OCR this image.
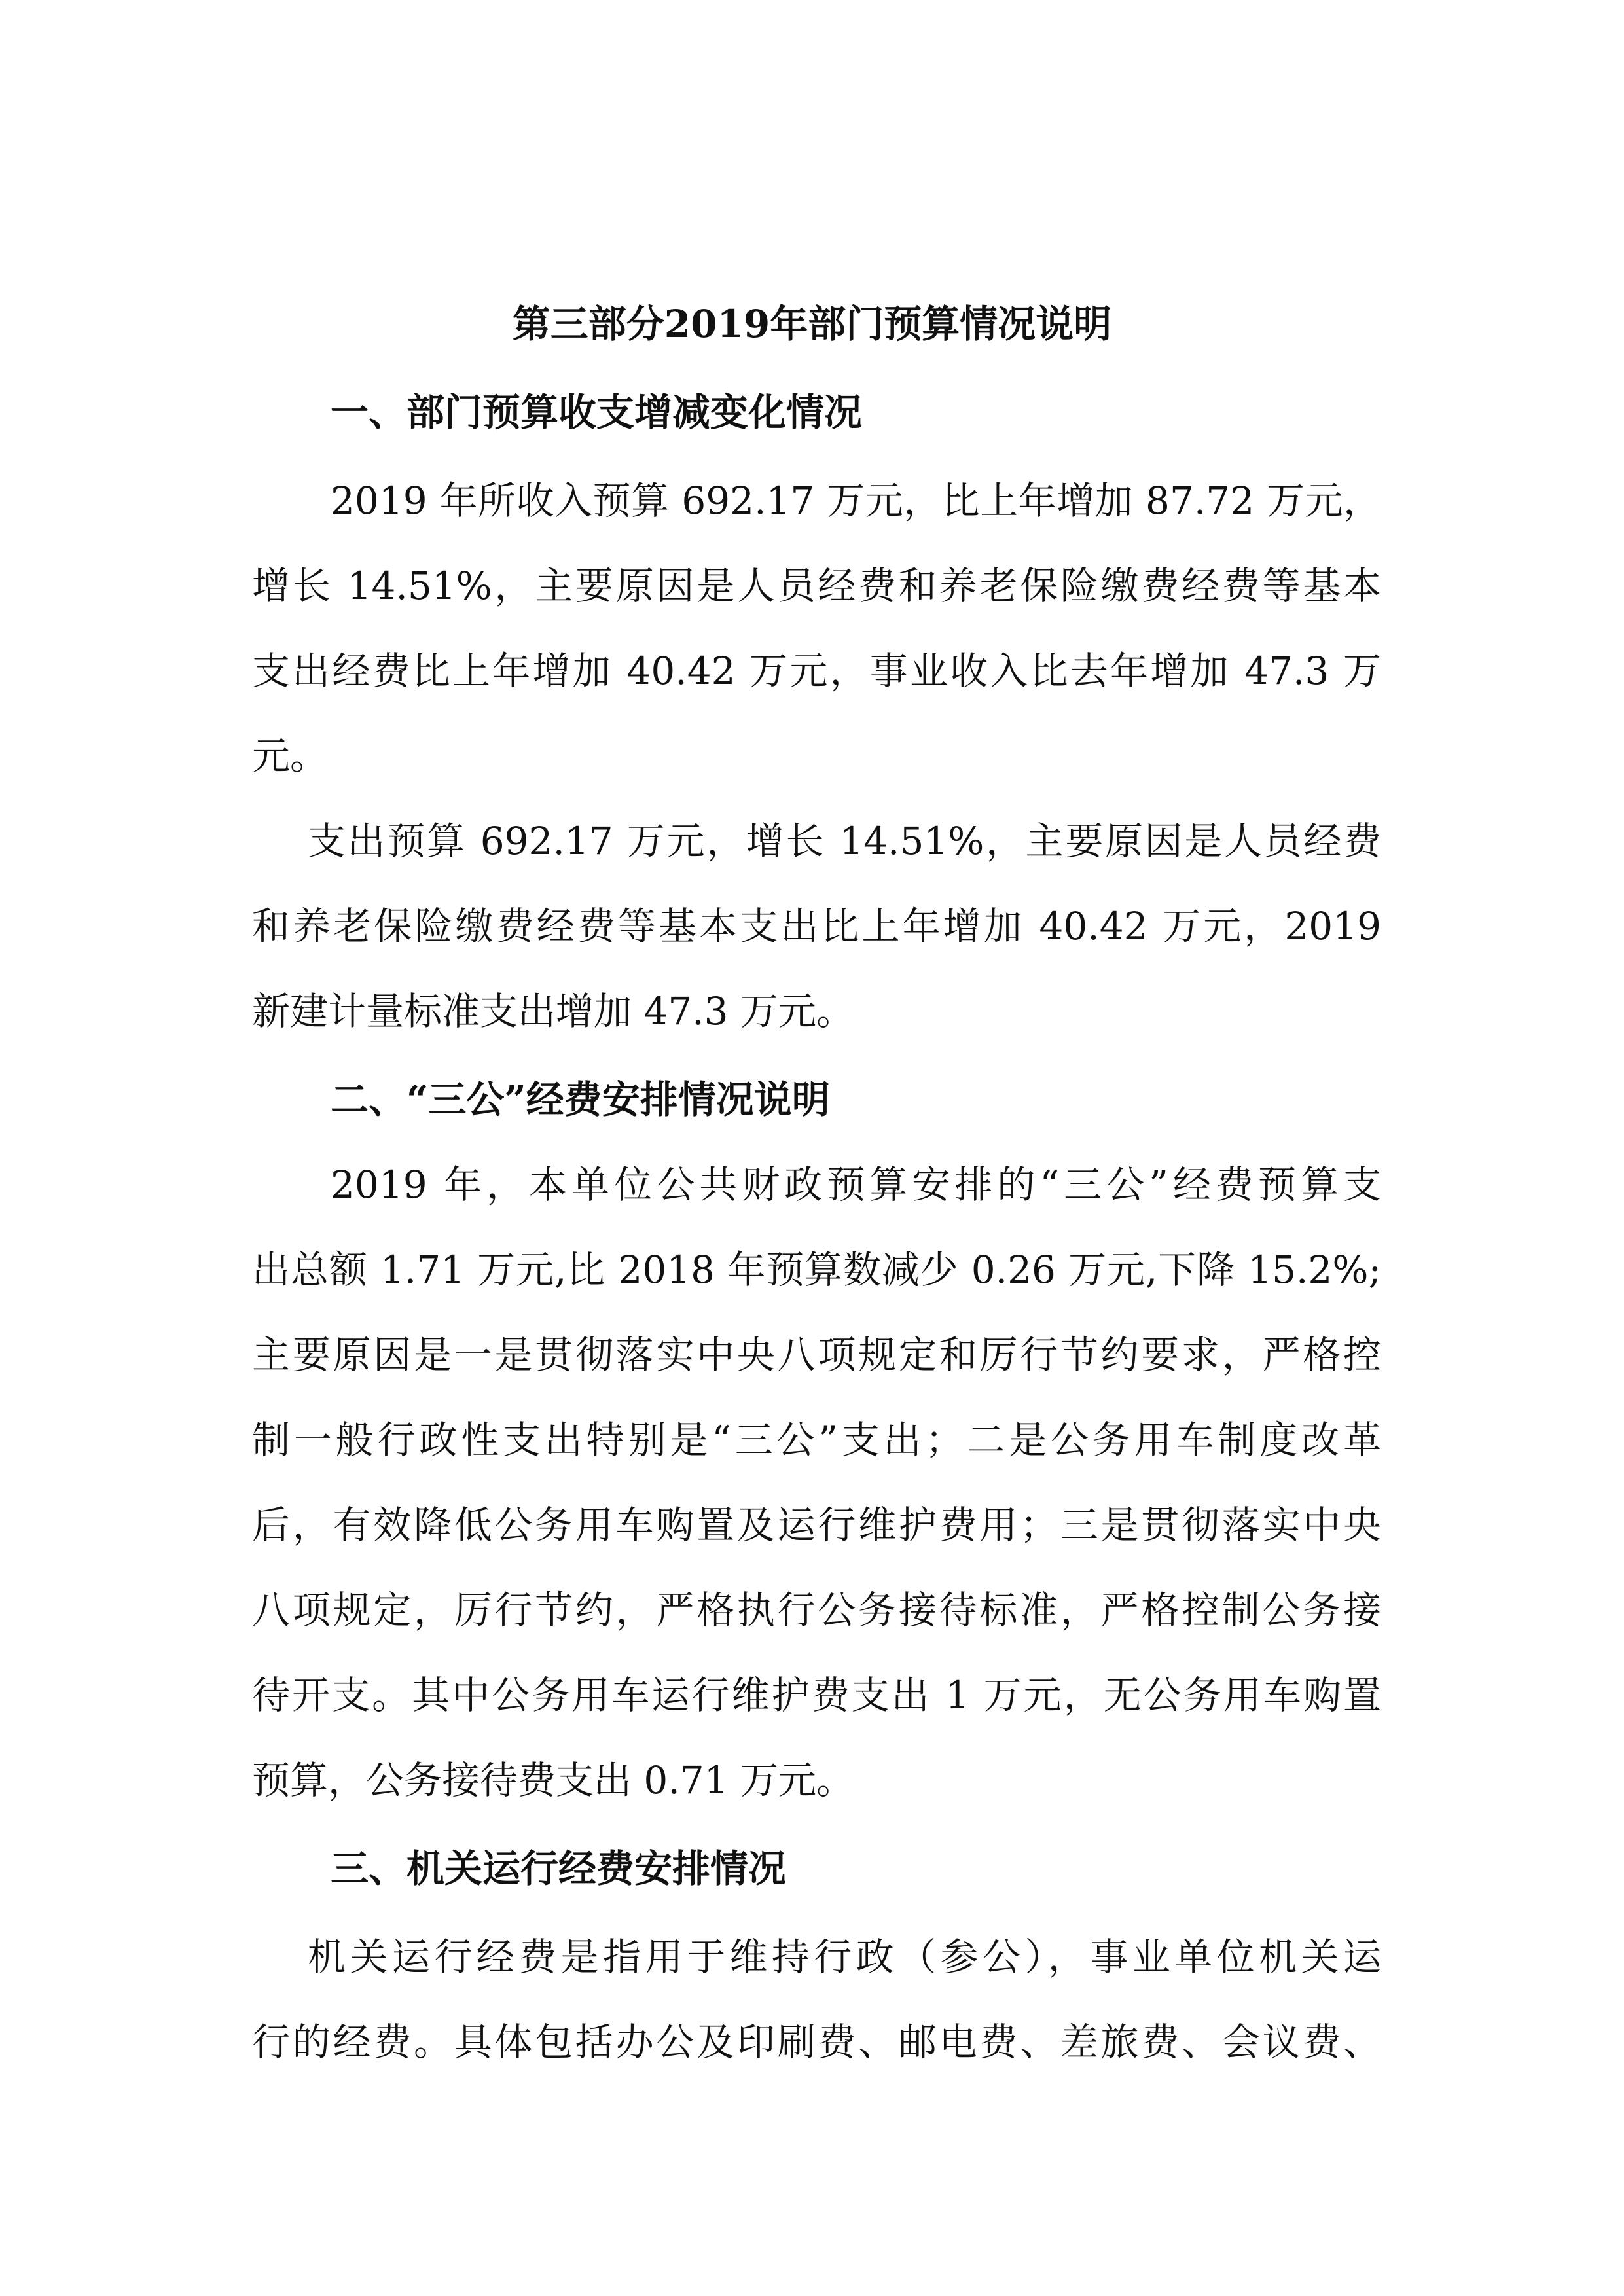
第三部分2019年部门预算情况说明
一、部门预算收支增减变化情况
2019 年所收入预算 692.17 万元，比上年增加 87.72 万元，
增长 14.51%，主要原因是人员经费和养老保险缴费经费等基本
支出经费比上年增加 40.42 万元，事业收入比去年增加 47.3 万
元。
支出预算 692.17 万元，增长 14.51%，主要原因是人员经费
和养老保险缴费经费等基本支出比上年增加 40.42 万元，2019
新建计量标准支出增加 47.3 万元。
二、“三公”经费安排情况说明
2019 年，本单位公共财政预算安排的“三公”经费预算支
出总额 1.71 万元,比 2018 年预算数减少 0.26 万元,下降 15.2%;
主要原因是一是贯彻落实中央八项规定和厉行节约要求，严格控
制一般行政性支出特别是“三公”支出；二是公务用车制度改革
后，有效降低公务用车购置及运行维护费用；三是贯彻落实中央
八项规定，厉行节约，严格执行公务接待标准，严格控制公务接
待开支。其中公务用车运行维护费支出 1 万元，无公务用车购置
预算，公务接待费支出 0.71 万元。
三、机关运行经费安排情况
机关运行经费是指用于维持行政（参公），事业单位机关运
行的经费。具体包括办公及印刷费、邮电费、差旅费、会议费、
